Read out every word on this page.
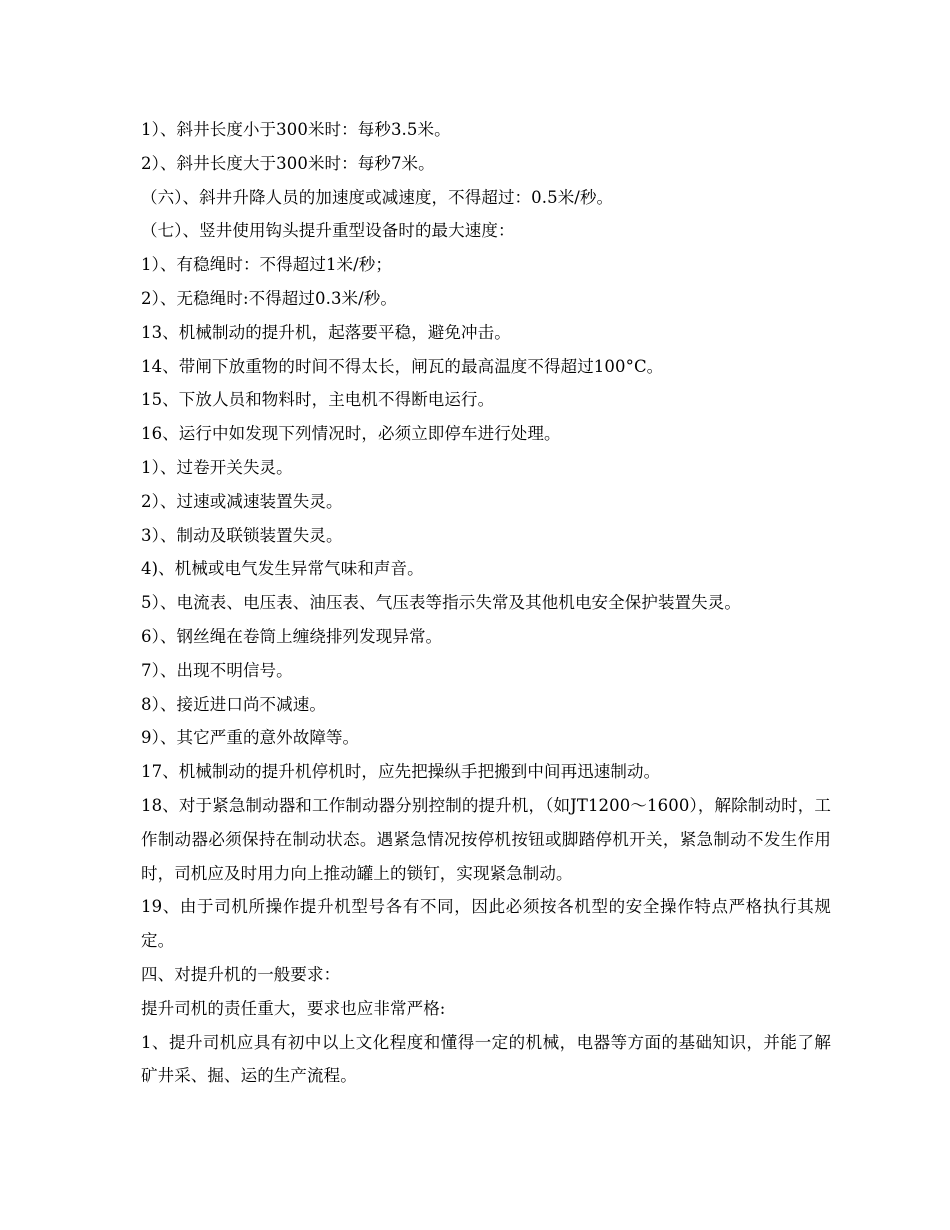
1）、斜井长度小于300米时：每秒3.5米。
2）、斜井长度大于300米时：每秒7米。
（六）、斜井升降人员的加速度或减速度，不得超过：0.5米/秒。
（七）、竖井使用钩头提升重型设备时的最大速度：
1）、有稳绳时：不得超过1米/秒；
2）、无稳绳时:不得超过0.3米/秒。
13、机械制动的提升机，起落要平稳，避免冲击。
14、带闸下放重物的时间不得太长，闸瓦的最高温度不得超过100°C。
15、下放人员和物料时，主电机不得断电运行。
16、运行中如发现下列情况时，必须立即停车进行处理。
1）、过卷开关失灵。
2）、过速或减速装置失灵。
3）、制动及联锁装置失灵。
4)、机械或电气发生异常气味和声音。
5）、电流表、电压表、油压表、气压表等指示失常及其他机电安全保护装置失灵。
6）、钢丝绳在卷筒上缠绕排列发现异常。
7）、出现不明信号。
8）、接近进口尚不减速。
9）、其它严重的意外故障等。
17、机械制动的提升机停机时，应先把操纵手把搬到中间再迅速制动。
18、对于紧急制动器和工作制动器分别控制的提升机，（如JT1200～1600），解除制动时，工作制动器必须保持在制动状态。遇紧急情况按停机按钮或脚踏停机开关，紧急制动不发生作用时，司机应及时用力向上推动罐上的锁钉，实现紧急制动。
19、由于司机所操作提升机型号各有不同，因此必须按各机型的安全操作特点严格执行其规定。
四、对提升机的一般要求：
提升司机的责任重大，要求也应非常严格:
1、提升司机应具有初中以上文化程度和懂得一定的机械，电器等方面的基础知识，并能了解矿井采、掘、运的生产流程。
